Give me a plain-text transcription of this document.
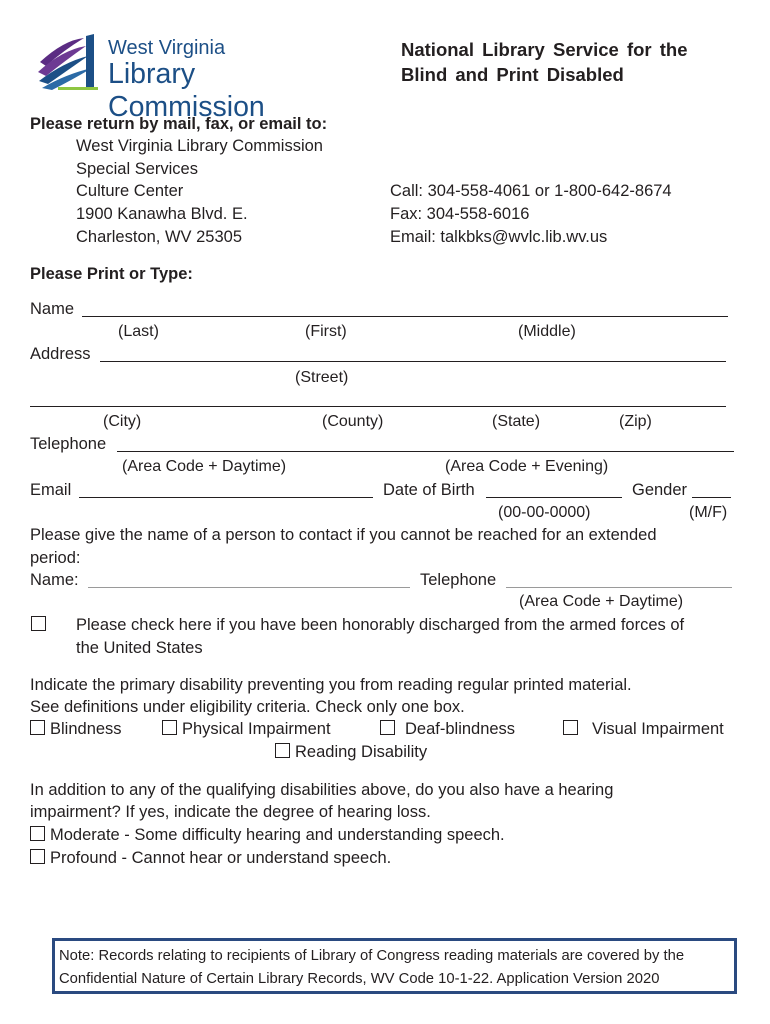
West Virginia
Library Commission
National Library Service for the
Blind and Print Disabled
Please return by mail, fax, or email to:
West Virginia Library Commission
Special Services
Culture Center
1900 Kanawha Blvd. E.
Charleston, WV 25305
Call: 304-558-4061 or 1-800-642-8674
Fax: 304-558-6016
Email: talkbks@wvlc.lib.wv.us
Please Print or Type:
Name
(Last)	(First)	(Middle)
Address
(Street)
(City)	(County)	(State)	(Zip)
Telephone
(Area Code + Daytime)	(Area Code + Evening)
Email	Date of Birth	Gender
(00-00-0000)	(M/F)
Please give the name of a person to contact if you cannot be reached for an extended
period:
Name:	Telephone
(Area Code + Daytime)
Please check here if you have been honorably discharged from the armed forces of
the United States
Indicate the primary disability preventing you from reading regular printed material.
See definitions under eligibility criteria. Check only one box.
Blindness	Physical Impairment	Deaf-blindness	Visual Impairment
Reading Disability
In addition to any of the qualifying disabilities above, do you also have a hearing
impairment? If yes, indicate the degree of hearing loss.
Moderate - Some difficulty hearing and understanding speech.
Profound - Cannot hear or understand speech.
Note: Records relating to recipients of Library of Congress reading materials are covered by the
Confidential Nature of Certain Library Records, WV Code 10-1-22. Application Version 2020
